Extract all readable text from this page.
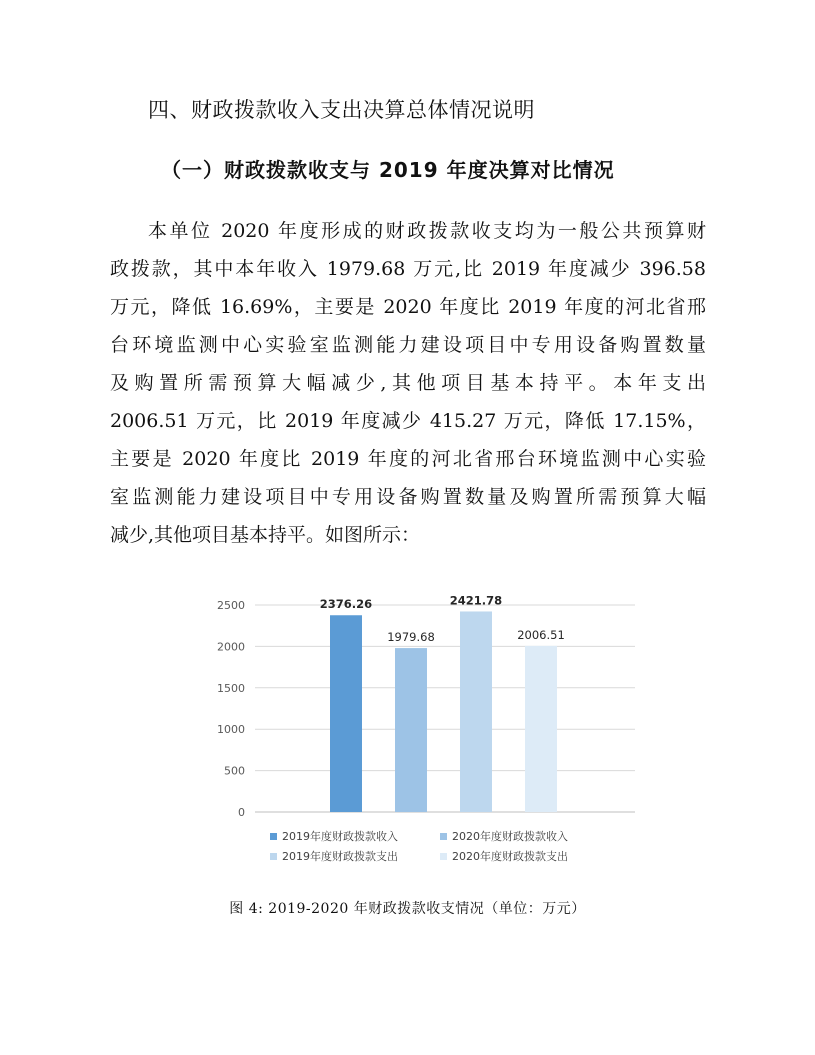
四、财政拨款收入支出决算总体情况说明
（一）财政拨款收支与 2019 年度决算对比情况
本单位 2020 年度形成的财政拨款收支均为一般公共预算财
政拨款，其中本年收入 1979.68 万元,比 2019 年度减少 396.58
万元，降低 16.69%，主要是 2020 年度比 2019 年度的河北省邢
台环境监测中心实验室监测能力建设项目中专用设备购置数量
及购置所需预算大幅减少,其他项目基本持平。本年支出
2006.51 万元，比 2019 年度减少 415.27 万元，降低 17.15%，
主要是 2020 年度比 2019 年度的河北省邢台环境监测中心实验
室监测能力建设项目中专用设备购置数量及购置所需预算大幅
减少,其他项目基本持平。如图所示：
0
500
1000
1500
2000
2500	2376.26
1979.68
2421.78
2006.51
2019年度财政拨款收入	2020年度财政拨款收入
2019年度财政拨款支出	2020年度财政拨款支出
图 4: 2019-2020 年财政拨款收支情况（单位：万元）
